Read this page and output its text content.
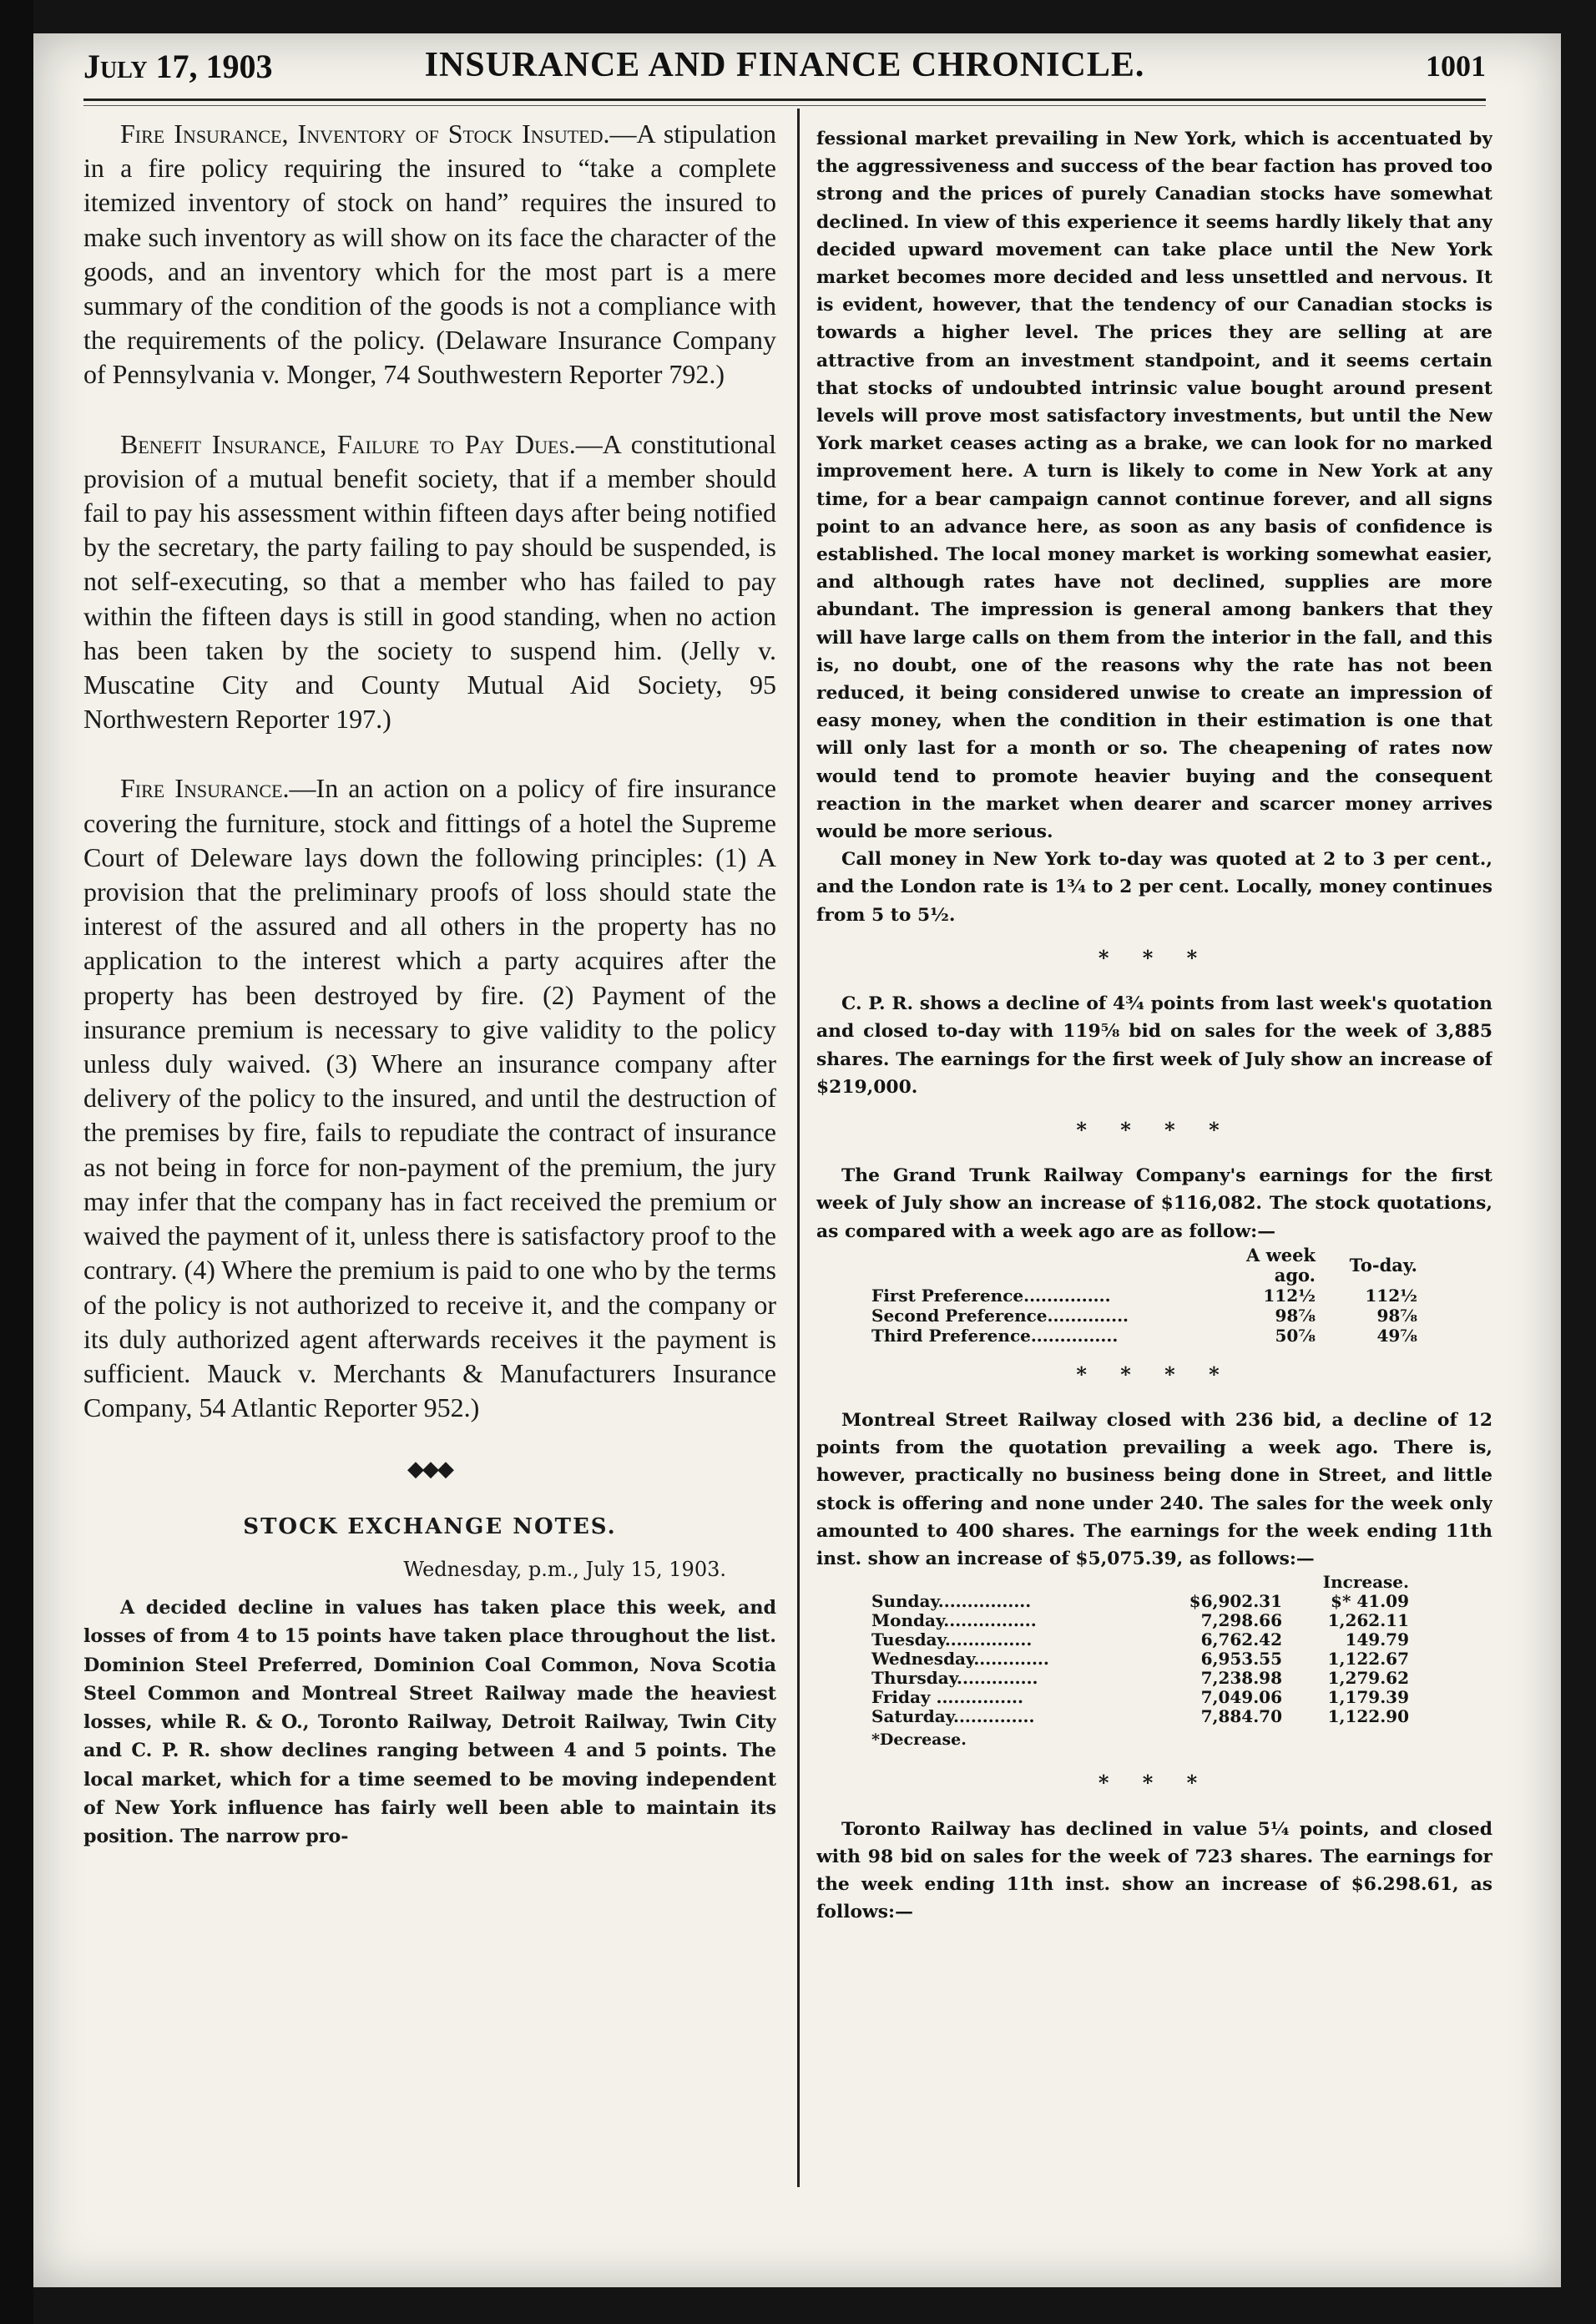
July 17, 1903	INSURANCE AND FINANCE CHRONICLE.	1001

Fire Insurance, Inventory of Stock Insuted.—A stipulation in a fire policy requiring the insured to “take a complete itemized inventory of stock on hand” requires the insured to make such inventory as will show on its face the character of the goods, and an inventory which for the most part is a mere summary of the condition of the goods is not a compliance with the requirements of the policy. (Delaware Insurance Company of Pennsylvania v. Monger, 74 Southwestern Reporter 792.)

Benefit Insurance, Failure to Pay Dues.—A constitutional provision of a mutual benefit society, that if a member should fail to pay his assessment within fifteen days after being notified by the secretary, the party failing to pay should be suspended, is not self-executing, so that a member who has failed to pay within the fifteen days is still in good standing, when no action has been taken by the society to suspend him. (Jelly v. Muscatine City and County Mutual Aid Society, 95 Northwestern Reporter 197.)

Fire Insurance.—In an action on a policy of fire insurance covering the furniture, stock and fittings of a hotel the Supreme Court of Deleware lays down the following principles: (1) A provision that the preliminary proofs of loss should state the interest of the assured and all others in the property has no application to the interest which a party acquires after the property has been destroyed by fire. (2) Payment of the insurance premium is necessary to give validity to the policy unless duly waived. (3) Where an insurance company after delivery of the policy to the insured, and until the destruction of the premises by fire, fails to repudiate the contract of insurance as not being in force for non-payment of the premium, the jury may infer that the company has in fact received the premium or waived the payment of it, unless there is satisfactory proof to the contrary. (4) Where the premium is paid to one who by the terms of the policy is not authorized to receive it, and the company or its duly authorized agent afterwards receives it the payment is sufficient. Mauck v. Merchants & Manufacturers Insurance Company, 54 Atlantic Reporter 952.)

◆◆◆
STOCK EXCHANGE NOTES.
Wednesday, p.m., July 15, 1903.

A decided decline in values has taken place this week, and losses of from 4 to 15 points have taken place throughout the list. Dominion Steel Preferred, Dominion Coal Common, Nova Scotia Steel Common and Montreal Street Railway made the heaviest losses, while R. & O., Toronto Railway, Detroit Railway, Twin City and C. P. R. show declines ranging between 4 and 5 points. The local market, which for a time seemed to be moving independent of New York influence has fairly well been able to maintain its position. The narrow pro-

fessional market prevailing in New York, which is accentuated by the aggressiveness and success of the bear faction has proved too strong and the prices of purely Canadian stocks have somewhat declined. In view of this experience it seems hardly likely that any decided upward movement can take place until the New York market becomes more decided and less unsettled and nervous. It is evident, however, that the tendency of our Canadian stocks is towards a higher level. The prices they are selling at are attractive from an investment standpoint, and it seems certain that stocks of undoubted intrinsic value bought around present levels will prove most satisfactory investments, but until the New York market ceases acting as a brake, we can look for no marked improvement here. A turn is likely to come in New York at any time, for a bear campaign cannot continue forever, and all signs point to an advance here, as soon as any basis of confidence is established. The local money market is working somewhat easier, and although rates have not declined, supplies are more abundant. The impression is general among bankers that they will have large calls on them from the interior in the fall, and this is, no doubt, one of the reasons why the rate has not been reduced, it being considered unwise to create an impression of easy money, when the condition in their estimation is one that will only last for a month or so. The cheapening of rates now would tend to promote heavier buying and the consequent reaction in the market when dearer and scarcer money arrives would be more serious.

Call money in New York to-day was quoted at 2 to 3 per cent., and the London rate is 1¾ to 2 per cent. Locally, money continues from 5 to 5½.

* * *

C. P. R. shows a decline of 4¾ points from last week's quotation and closed to-day with 119⅝ bid on sales for the week of 3,885 shares. The earnings for the first week of July show an increase of $219,000.

* * * *

The Grand Trunk Railway Company's earnings for the first week of July show an increase of $116,082. The stock quotations, as compared with a week ago are as follow:—

	A week ago.	To-day.
First Preference...............	112½	112½
Second Preference..............	98⅞	98⅞
Third Preference...............	50⅞	49⅞
* * * *

Montreal Street Railway closed with 236 bid, a decline of 12 points from the quotation prevailing a week ago. There is, however, practically no business being done in Street, and little stock is offering and none under 240. The sales for the week only amounted to 400 shares. The earnings for the week ending 11th inst. show an increase of $5,075.39, as follows:—

		Increase.
Sunday................	$6,902.31	$* 41.09
Monday................	7,298.66	1,262.11
Tuesday...............	6,762.42	149.79
Wednesday.............	6,953.55	1,122.67
Thursday..............	7,238.98	1,279.62
Friday ...............	7,049.06	1,179.39
Saturday..............	7,884.70	1,122.90
*Decrease.
* * *

Toronto Railway has declined in value 5¼ points, and closed with 98 bid on sales for the week of 723 shares. The earnings for the week ending 11th inst. show an increase of $6.298.61, as follows:—
